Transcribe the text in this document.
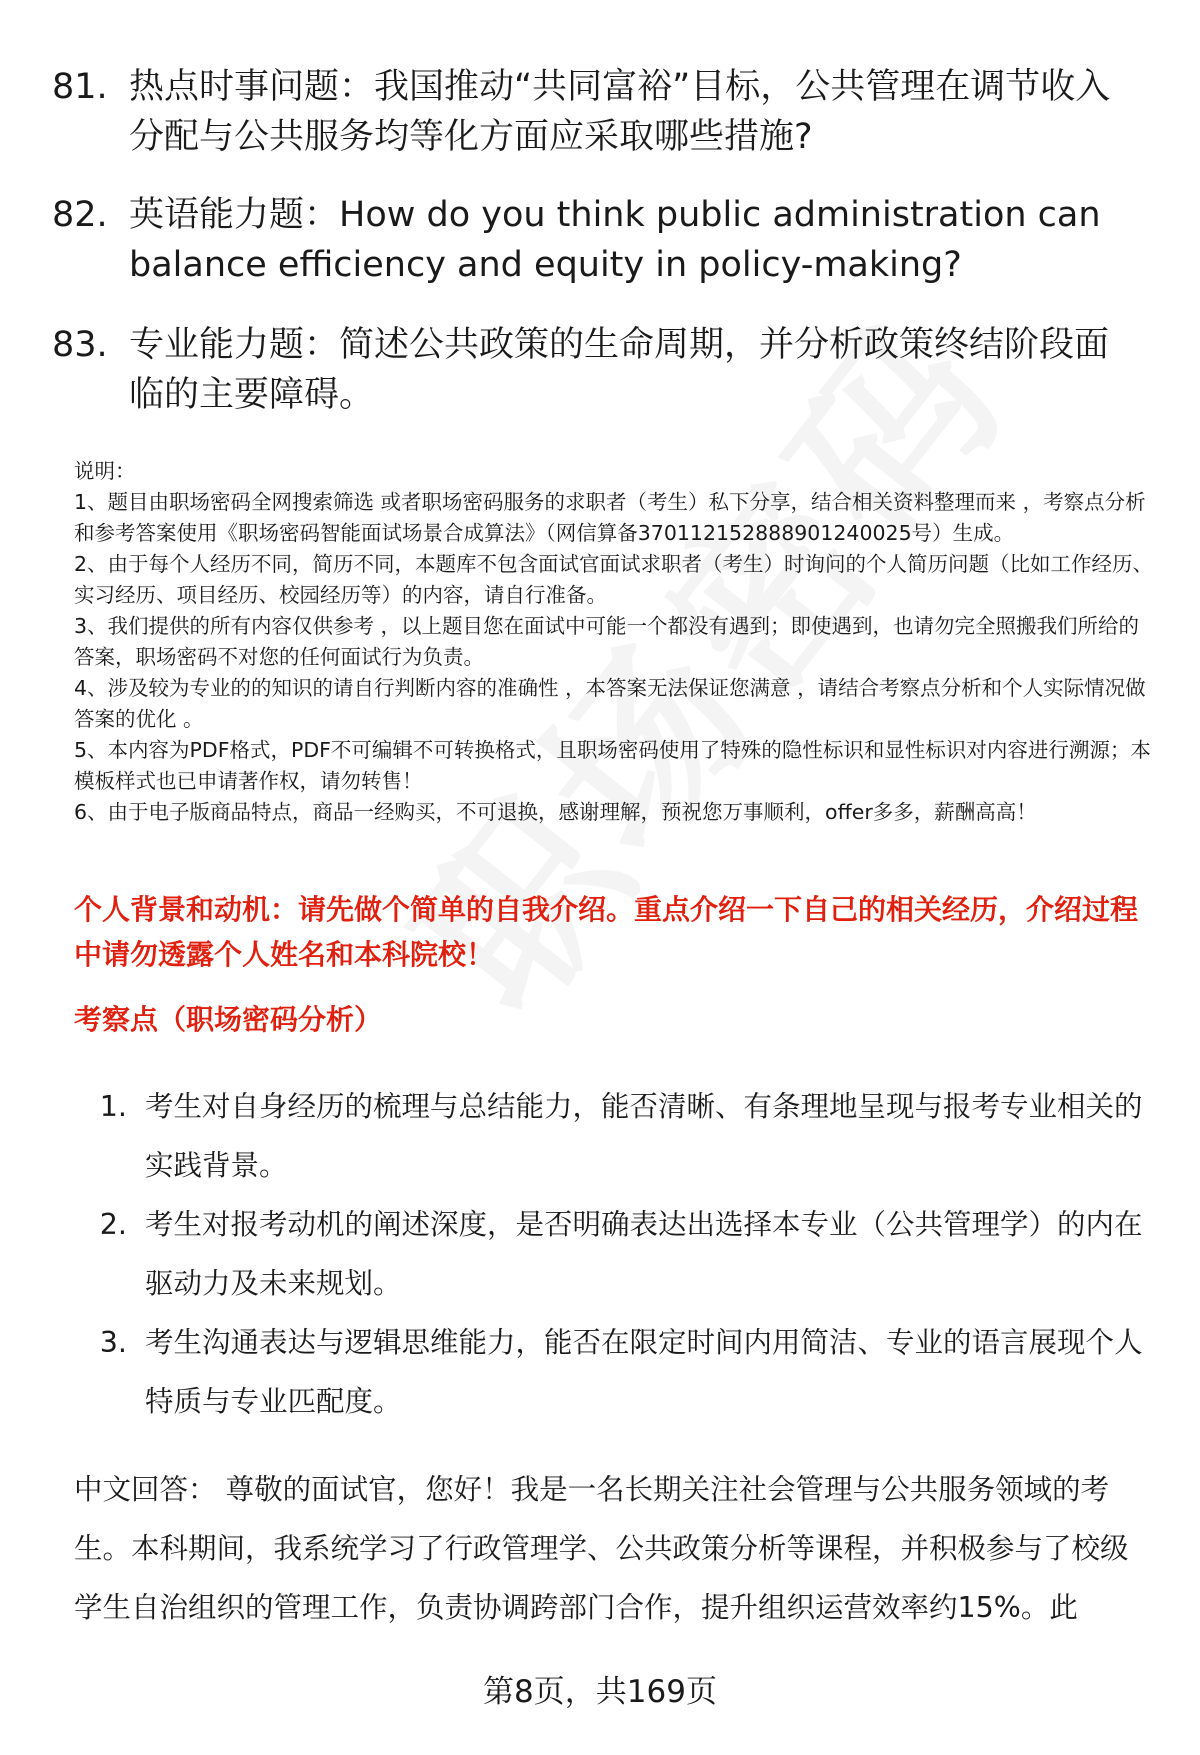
81. 热点时事问题：我国推动“共同富裕”目标，公共管理在调节收入分配与公共服务均等化方面应采取哪些措施?
82. 英语能力题：How do you think public administration can balance efficiency and equity in policy-making?
83. 专业能力题：简述公共政策的生命周期，并分析政策终结阶段面临的主要障碍。
说明：
1、题目由职场密码全网搜索筛选 或者职场密码服务的求职者（考生）私下分享，结合相关资料整理而来 ，考察点分析和参考答案使用《职场密码智能面试场景合成算法》（网信算备370112152888901240025号）生成。
2、由于每个人经历不同，简历不同，本题库不包含面试官面试求职者（考生）时询问的个人简历问题（比如工作经历、实习经历、项目经历、校园经历等）的内容，请自行准备。
3、我们提供的所有内容仅供参考 ，以上题目您在面试中可能一个都没有遇到；即使遇到，也请勿完全照搬我们所给的答案，职场密码不对您的任何面试行为负责。
4、涉及较为专业的的知识的请自行判断内容的准确性 ，本答案无法保证您满意 ，请结合考察点分析和个人实际情况做答案的优化 。
5、本内容为PDF格式，PDF不可编辑不可转换格式，且职场密码使用了特殊的隐性标识和显性标识对内容进行溯源；本模板样式也已申请著作权，请勿转售！
6、由于电子版商品特点，商品一经购买，不可退换，感谢理解，预祝您万事顺利，offer多多，薪酬高高！
个人背景和动机：请先做个简单的自我介绍。重点介绍一下自己的相关经历，介绍过程中请勿透露个人姓名和本科院校！
考察点（职场密码分析）
1. 考生对自身经历的梳理与总结能力，能否清晰、有条理地呈现与报考专业相关的实践背景。
2. 考生对报考动机的阐述深度，是否明确表达出选择本专业（公共管理学）的内在驱动力及未来规划。
3. 考生沟通表达与逻辑思维能力，能否在限定时间内用简洁、专业的语言展现个人特质与专业匹配度。
中文回答： 尊敬的面试官，您好！我是一名长期关注社会管理与公共服务领域的考生。本科期间，我系统学习了行政管理学、公共政策分析等课程，并积极参与了校级学生自治组织的管理工作，负责协调跨部门合作，提升组织运营效率约15%。此
第8页，共169页
